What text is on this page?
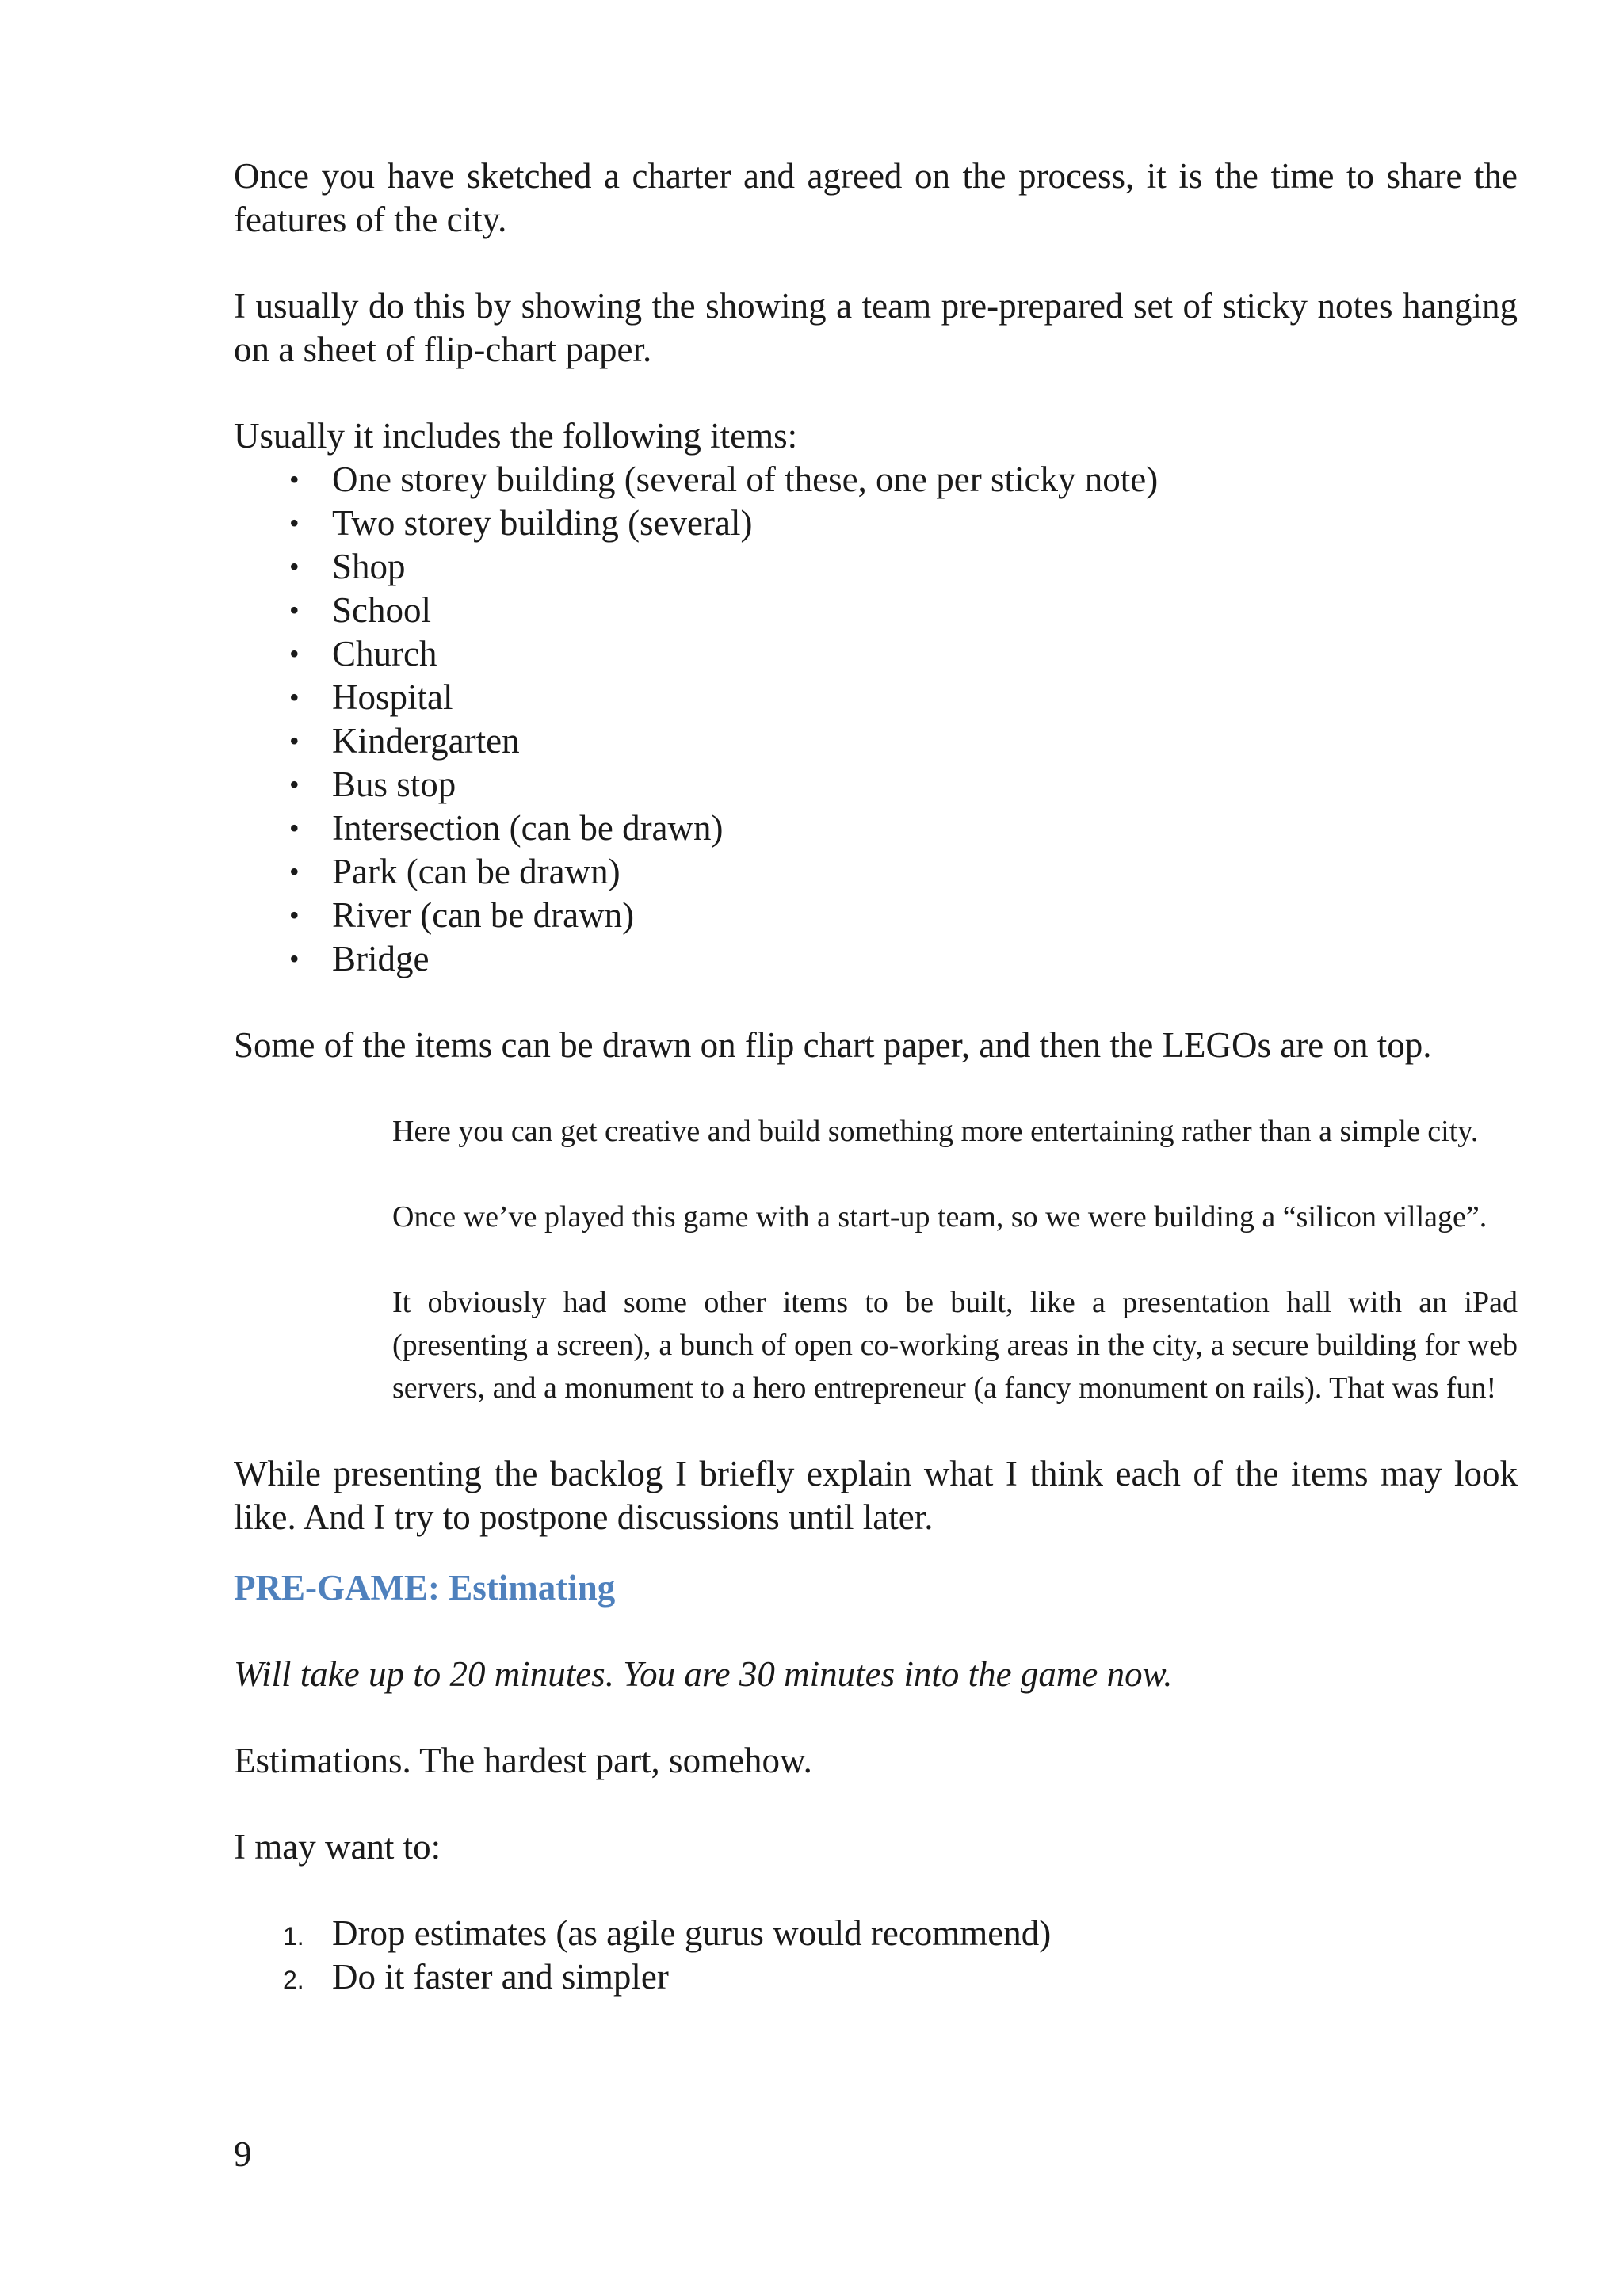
Once you have sketched a charter and agreed on the process, it is the time to share the features of the city.

I usually do this by showing the showing a team pre-prepared set of sticky notes hanging on a sheet of flip-chart paper.

Usually it includes the following items:

• One storey building (several of these, one per sticky note)
• Two storey building (several)
• Shop
• School
• Church
• Hospital
• Kindergarten
• Bus stop
• Intersection (can be drawn)
• Park (can be drawn)
• River (can be drawn)
• Bridge

Some of the items can be drawn on flip chart paper, and then the LEGOs are on top.

Here you can get creative and build something more entertaining rather than a simple city.

Once we’ve played this game with a start-up team, so we were building a “silicon village”.

It obviously had some other items to be built, like a presentation hall with an iPad (presenting a screen), a bunch of open co-working areas in the city, a secure building for web servers, and a monument to a hero entrepreneur (a fancy monument on rails). That was fun!

While presenting the backlog I briefly explain what I think each of the items may look like. And I try to postpone discussions until later.

PRE-GAME: Estimating

Will take up to 20 minutes. You are 30 minutes into the game now.

Estimations. The hardest part, somehow.

I may want to:

1. Drop estimates (as agile gurus would recommend)
2. Do it faster and simpler
9
